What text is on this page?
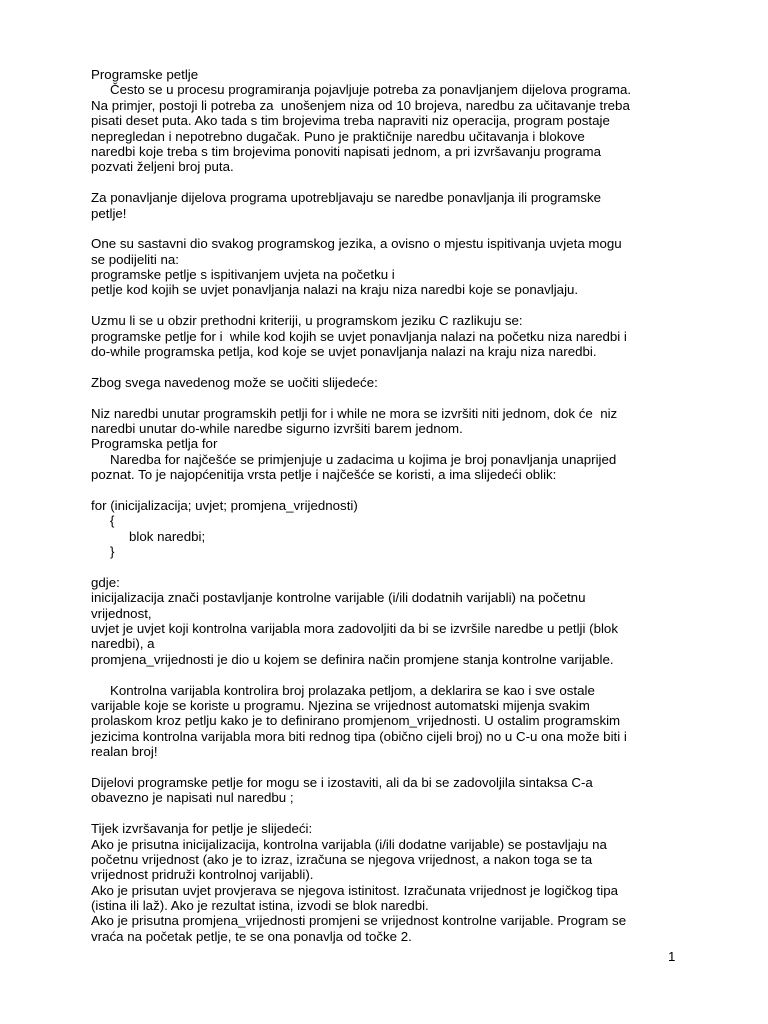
Programske petlje
Često se u procesu programiranja pojavljuje potreba za ponavljanjem dijelova programa.
Na primjer, postoji li potreba za  unošenjem niza od 10 brojeva, naredbu za učitavanje treba
pisati deset puta. Ako tada s tim brojevima treba napraviti niz operacija, program postaje
nepregledan i nepotrebno dugačak. Puno je praktičnije naredbu učitavanja i blokove
naredbi koje treba s tim brojevima ponoviti napisati jednom, a pri izvršavanju programa
pozvati željeni broj puta.
Za ponavljanje dijelova programa upotrebljavaju se naredbe ponavljanja ili programske
petlje!
One su sastavni dio svakog programskog jezika, a ovisno o mjestu ispitivanja uvjeta mogu
se podijeliti na:
programske petlje s ispitivanjem uvjeta na početku i
petlje kod kojih se uvjet ponavljanja nalazi na kraju niza naredbi koje se ponavljaju.
Uzmu li se u obzir prethodni kriteriji, u programskom jeziku C razlikuju se:
programske petlje for i  while kod kojih se uvjet ponavljanja nalazi na početku niza naredbi i
do-while programska petlja, kod koje se uvjet ponavljanja nalazi na kraju niza naredbi.
Zbog svega navedenog može se uočiti slijedeće:
Niz naredbi unutar programskih petlji for i while ne mora se izvršiti niti jednom, dok će  niz
naredbi unutar do-while naredbe sigurno izvršiti barem jednom.
Programska petlja for
Naredba for najčešće se primjenjuje u zadacima u kojima je broj ponavljanja unaprijed
poznat. To je najopćenitija vrsta petlje i najčešće se koristi, a ima slijedeći oblik:
for (inicijalizacija; uvjet; promjena_vrijednosti)
{
blok naredbi;
}
gdje:
inicijalizacija znači postavljanje kontrolne varijable (i/ili dodatnih varijabli) na početnu
vrijednost,
uvjet je uvjet koji kontrolna varijabla mora zadovoljiti da bi se izvršile naredbe u petlji (blok
naredbi), a
promjena_vrijednosti je dio u kojem se definira način promjene stanja kontrolne varijable.
Kontrolna varijabla kontrolira broj prolazaka petljom, a deklarira se kao i sve ostale
varijable koje se koriste u programu. Njezina se vrijednost automatski mijenja svakim
prolaskom kroz petlju kako je to definirano promjenom_vrijednosti. U ostalim programskim
jezicima kontrolna varijabla mora biti rednog tipa (obično cijeli broj) no u C-u ona može biti i
realan broj!
Dijelovi programske petlje for mogu se i izostaviti, ali da bi se zadovoljila sintaksa C-a
obavezno je napisati nul naredbu ;
Tijek izvršavanja for petlje je slijedeći:
Ako je prisutna inicijalizacija, kontrolna varijabla (i/ili dodatne varijable) se postavljaju na
početnu vrijednost (ako je to izraz, izračuna se njegova vrijednost, a nakon toga se ta
vrijednost pridruži kontrolnoj varijabli).
Ako je prisutan uvjet provjerava se njegova istinitost. Izračunata vrijednost je logičkog tipa
(istina ili laž). Ako je rezultat istina, izvodi se blok naredbi.
Ako je prisutna promjena_vrijednosti promjeni se vrijednost kontrolne varijable. Program se
vraća na početak petlje, te se ona ponavlja od točke 2.
1
